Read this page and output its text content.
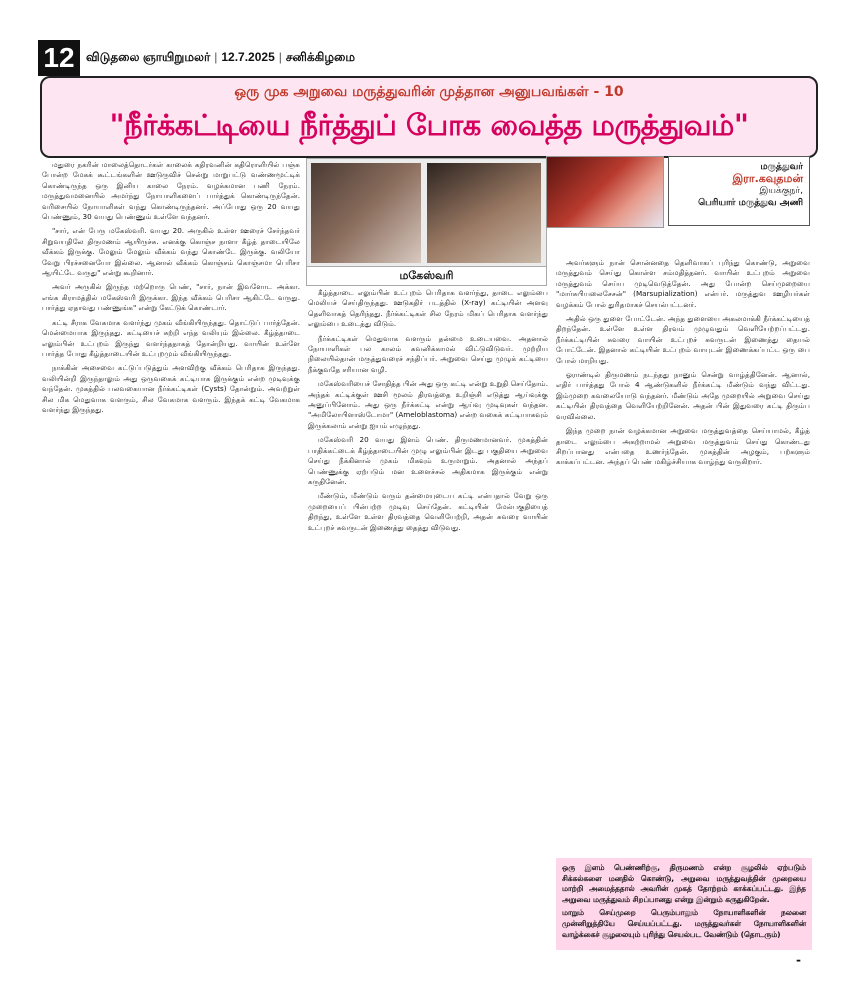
12 விடுதலை ஞாயிறுமலர் | 12.7.2025 | சனிக்கிழமை
ஒரு முக அறுவை மருத்துவரின் முத்தான அனுபவங்கள் - 10
"நீர்க்கட்டியை நீர்த்துப் போக வைத்த மருத்துவம்"

மதுரை நகரின் மாலைத்தொடர்கள் காலைக் கதிரவனின் கதிரொளியில் பஞ்சு போன்ற மேகக் கூட்டங்களின் ஊடுருவிச் சென்று மாறுபட்டு வண்ணமூட்டிக் கொண்டிருந்த ஒரு இனிய காலை நேரம். வழக்கமான பணி நேரம். மருத்துவமனையில் அமர்ந்து நோயாளிகளைப் பார்த்துக் கொண்டிருந்தேன். வரிசையில் நோயாளிகள் வந்து கொண்டிருந்தனர். அப்போது ஒரு 20 வயது பெண்ணும், 30 வயது பெண்ணும் உள்ளே வந்தனர்.

"சார், என் பேரு மகேஸ்வரி. வயது 20. அருகில் உள்ள ஊரைச் சேர்ந்தவர் சிறுவயதிலே திருமணம் ஆயிருச்சு. எனக்கு கொஞ்ச நாளா கீழ்த் தாடையிலே வீக்கம் இருக்கு. மேலும் மேலும் வீக்கம் வந்து கொண்டே இருக்கு. வலியோ வேறு பிரச்சனையோ இல்லை. ஆனால் வீக்கம் கொஞ்சம் கொஞ்சமா பெரிசா ஆயிட்டே வருது" என்று கூறினார்.

அவர் அருகில் இருந்த மற்றொரு பெண், "சார், நான் இவளோட அக்கா. எங்க கிராமத்தில் மகேஸ்வரி இருக்கா. இந்த வீக்கம் பெரிசா ஆகிட்டே வருது. பார்த்து ஏதாவது பண்ணுங்க" என்று கேட்டுக் கொண்டார்.

கட்டி சீராக வேகமாக வளர்ந்து முகம் வீங்கியிருந்தது. தொட்டுப் பார்த்தேன். மென்மையாக இருந்தது. கட்டியைச் சுற்றி எந்த வலியும் இல்லை. கீழ்த்தாடை எலும்பின் உட்புறம் இருந்து வளர்ந்ததாகத் தோன்றியது. வாயின் உள்ளே பார்த்த போது கீழ்த்தாடையின் உட்புறமும் வீங்கியிருந்தது.

நாக்கின் அசைவை கட்டுப்படுத்தும் அளவிற்கு வீக்கம் பெரிதாக இருந்தது. வலியின்றி இருந்தாலும் அது ஒருவகைக் கட்டியாக இருக்கும் என்ற முடிவுக்கு வந்தேன். முகத்தில் பலவகையான நீர்க்கட்டிகள் (Cysts) தோன்றும். அவற்றுள் சில மிக மெதுவாக வளரும், சில வேகமாக வளரும். இந்தக் கட்டி வேகமாக வளர்ந்து இருந்தது.

மகேஸ்வரி
மருத்துவர்
இரா.கவுதமன்
இயக்குநர்,
பெரியார் மருத்துவ அணி

கீழ்த்தாடை எலும்பின் உட்புறம் பெரிதாக வளர்ந்து, தாடை எலும்பை மெலியச் செய்திருந்தது. ஊடுகதிர் படத்தில் (X-ray) கட்டியின் அளவு தெளிவாகத் தெரிந்தது. நீர்க்கட்டிகள் சில நேரம் மிகப் பெரிதாக வளர்ந்து எலும்பை உடைத்து விடும்.

நீர்க்கட்டிகள் மெதுவாக வளரும் தன்மை உடையவை. அதனால் நோயாளிகள் பல காலம் கவனிக்காமல் விட்டுவிடுவர். முற்றிய நிலையில்தான் மருத்துவரைச் சந்திப்பர். அறுவை செய்து முழுக் கட்டியை நீக்குவதே சரியான வழி.

மகேஸ்வரியைச் சோதித்த பின் அது ஒரு கட்டி என்று உறுதி செய்தோம். அந்தக் கட்டிக்குள் ஊசி மூலம் திரவத்தை உறிஞ்சி எடுத்து ஆய்வுக்கு அனுப்பினோம். அது ஒரு நீர்க்கட்டி என்று ஆய்வு முடிவுகள் வந்தன. "அமிலோபிளாஸ்டோமா" (Ameloblastoma) என்ற வகைக் கட்டியாகவும் இருக்கலாம் என்று ஐயம் எழுந்தது.

மகேஸ்வரி 20 வயது இளம் பெண். திருமணமானவர். முகத்தின் பாதிக்கட்டைக் கீழ்த்தாடையின் முழு எலும்பின் இடது பகுதியை அறுவை செய்து நீக்கினால் முகம் மிகவும் உருமாறும். அதனால் அந்தப் பெண்ணுக்கு ஏற்படும் மன உளைச்சல் அதிகமாக இருக்கும் என்று கருதினேன்.

மீண்டும், மீண்டும் வரும் தன்மையுடைய கட்டி என்பதால் வேறு ஒரு முறையைப் பின்பற்ற முடிவு செய்தேன். கட்டியின் மேல்பகுதியைத் திறந்து, உள்ளே உள்ள திரவத்தை வெளியேற்றி, அதன் சுவரை வாயின் உட்புறச் சுவருடன் இணைத்து தைத்து விடுவது.

அவர்களும் நான் சொன்னதை தெளிவாகப் புரிந்து கொண்டு, அறுவை மருத்துவம் செய்து கொள்ள சம்மதித்தனர். வாயின் உட்புறம் அறுவை மருத்துவம் செய்ய முடிவெடுத்தேன். அது போன்ற செய்முறையை "மார்சுபியலைசேசன்" (Marsupialization) என்பர். மருத்துவ ஊழியர்கள் வழக்கம் போல் துரிதமாகச் செயல்பட்டனர்.

அதில் ஒரு துளை போட்டேன். அந்த துளையை அகலமாக்கி நீர்க்கட்டியைத் திறந்தேன். உள்ளே உள்ள திரவம் முழுவதும் வெளியேற்றப்பட்டது. நீர்க்கட்டியின் சுவரை வாயின் உட்புறச் சுவருடன் இணைத்து தையல் போட்டேன். இதனால் கட்டியின் உட்புறம் வாயுடன் இணைக்கப்பட்ட ஒரு பை போல் மாறியது.

ஓராண்டில் திருமணம் நடந்தது நானும் சென்று வாழ்த்தினேன். ஆனால், எதிர் பார்த்தது போல் 4 ஆண்டுகளில் நீர்க்கட்டி மீண்டும் வந்து விட்டது. இம்முறை கவலையோடு வந்தனர். மீண்டும் அதே முறையில் அறுவை செய்து கட்டியின் திரவத்தை வெளியேற்றினேன். அதன் பின் இதுவரை கட்டி திரும்ப வரவில்லை.

இந்த முறை நான் வழக்கமான அறுவை மருத்துவத்தை செய்யாமல், கீழ்த் தாடை எலும்பை அகற்றாமல் அறுவை மருத்துவம் செய்து கொண்டது சிறப்பானது என்பதை உணர்ந்தேன். முகத்தின் அழகும், பற்களும் காக்கப்பட்டன. அந்தப் பெண் மகிழ்ச்சியாக வாழ்ந்து வருகிறார்.

ஒரு இளம் பெண்ணிற்கு, திருமணம் என்ற சூழலில் ஏற்படும் சிக்கல்களை மனதில் கொண்டு, அறுவை மருத்துவத்தின் முறையை மாற்றி அமைத்ததால் அவரின் முகத் தோற்றம் காக்கப்பட்டது. இந்த அறுவை மருத்துவம் சிறப்பானது என்று இன்றும் கருதுகிறேன்.

மாறும் செய்முறை பெரும்பாலும் நோயாளிகளின் நலனை முன்னிறுத்தியே செய்யப்பட்டது. மருத்துவர்கள் நோயாளிகளின் வாழ்க்கைச் சூழலையும் புரிந்து செயல்பட வேண்டும் (தொடரும்)

-
